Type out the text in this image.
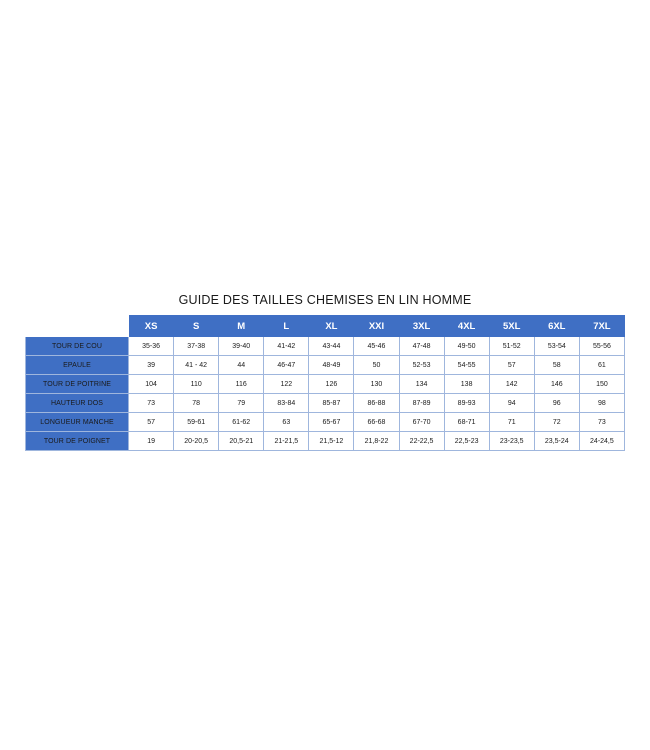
GUIDE DES TAILLES CHEMISES EN LIN HOMME
	XS	S	M	L	XL	XXI	3XL	4XL	5XL	6XL	7XL
TOUR DE COU	35-36	37-38	39-40	41-42	43-44	45-46	47-48	49-50	51-52	53-54	55-56
EPAULE	39	41 - 42	44	46-47	48-49	50	52-53	54-55	57	58	61
TOUR DE POITRINE	104	110	116	122	126	130	134	138	142	146	150
HAUTEUR DOS	73	78	79	83-84	85-87	86-88	87-89	89-93	94	96	98
LONGUEUR MANCHE	57	59-61	61-62	63	65-67	66-68	67-70	68-71	71	72	73
TOUR DE POIGNET	19	20-20,5	20,5-21	21-21,5	21,5-12	21,8-22	22-22,5	22,5-23	23-23,5	23,5-24	24-24,5
